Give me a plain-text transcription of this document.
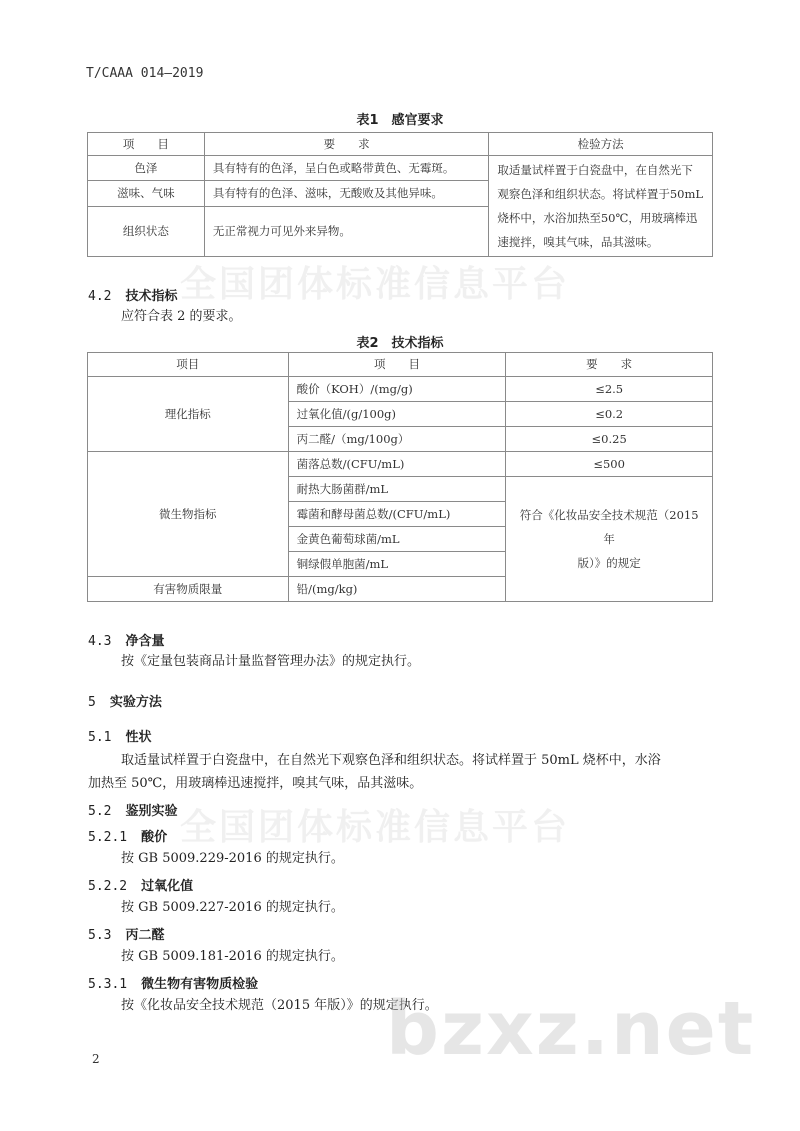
T/CAAA 014—2019
表1　感官要求
项　　目	要　　求	检验方法
色泽	具有特有的色泽，呈白色或略带黄色、无霉斑。	取适量试样置于白瓷盘中，在自然光下
观察色泽和组织状态。将试样置于50mL
烧杯中，水浴加热至50℃，用玻璃棒迅
速搅拌，嗅其气味，品其滋味。

滋味、气味	具有特有的色泽、滋味，无酸败及其他异味。	
组织状态	无正常视力可见外来异物。	
4.2 技术指标
应符合表 2 的要求。
表2　技术指标
项目	项　　目	要　　求
理化指标	酸价（KOH）/(mg/g)	≤2.5
	过氧化值/(g/100g)	≤0.2
	丙二醛/（mg/100g）	≤0.25
微生物指标	菌落总数/(CFU/mL)	≤500
	耐热大肠菌群/mL	符合《化妆品安全技术规范（2015 年
版）》的规定

	霉菌和酵母菌总数/(CFU/mL)	
	金黄色葡萄球菌/mL	
	铜绿假单胞菌/mL	
有害物质限量	铅/(mg/kg)	
4.3 净含量
按《定量包装商品计量监督管理办法》的规定执行。
5 实验方法
5.1 性状
取适量试样置于白瓷盘中，在自然光下观察色泽和组织状态。将试样置于 50mL 烧杯中，水浴
加热至 50℃，用玻璃棒迅速搅拌，嗅其气味，品其滋味。
5.2 鉴别实验
5.2.1 酸价
按 GB 5009.229-2016 的规定执行。
5.2.2 过氧化值
按 GB 5009.227-2016 的规定执行。
5.3 丙二醛
按 GB 5009.181-2016 的规定执行。
5.3.1 微生物有害物质检验
按《化妆品安全技术规范（2015 年版）》的规定执行。
全国团体标准信息平台
全国团体标准信息平台
bzxz.net
2
